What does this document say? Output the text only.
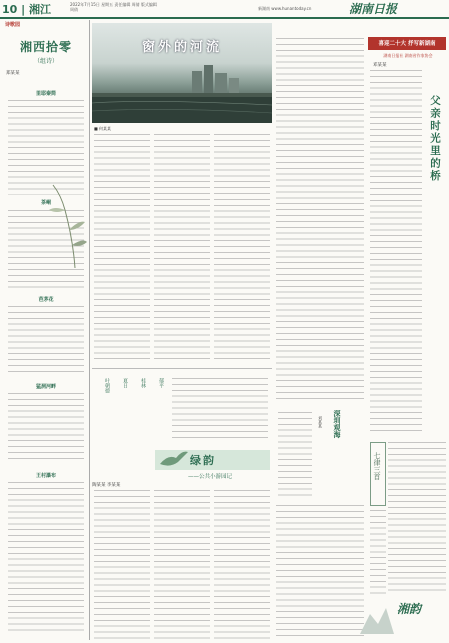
10 | 湘江	2022年7月15日 星期五 责任编辑 周倩 版式编辑 周倩	新湖南 www.hunantoday.cn	湖南日报
诗歌园
湘西拾零
（组诗）
郑某某
里耶秦简
茶峒
芭茅花
猛洞河畔
王村瀑布
窗外的河流
■ 何某某
叶朝德	夏日	桂林	郁平
绿韵
——公共小游园记
陶某某 李某某
深圳观海
刘某某
喜迎二十大 抒写新湖南
湖南日报社 湖南省作家协会
邓某某
父亲时光里的桥
七律三首
湘韵
